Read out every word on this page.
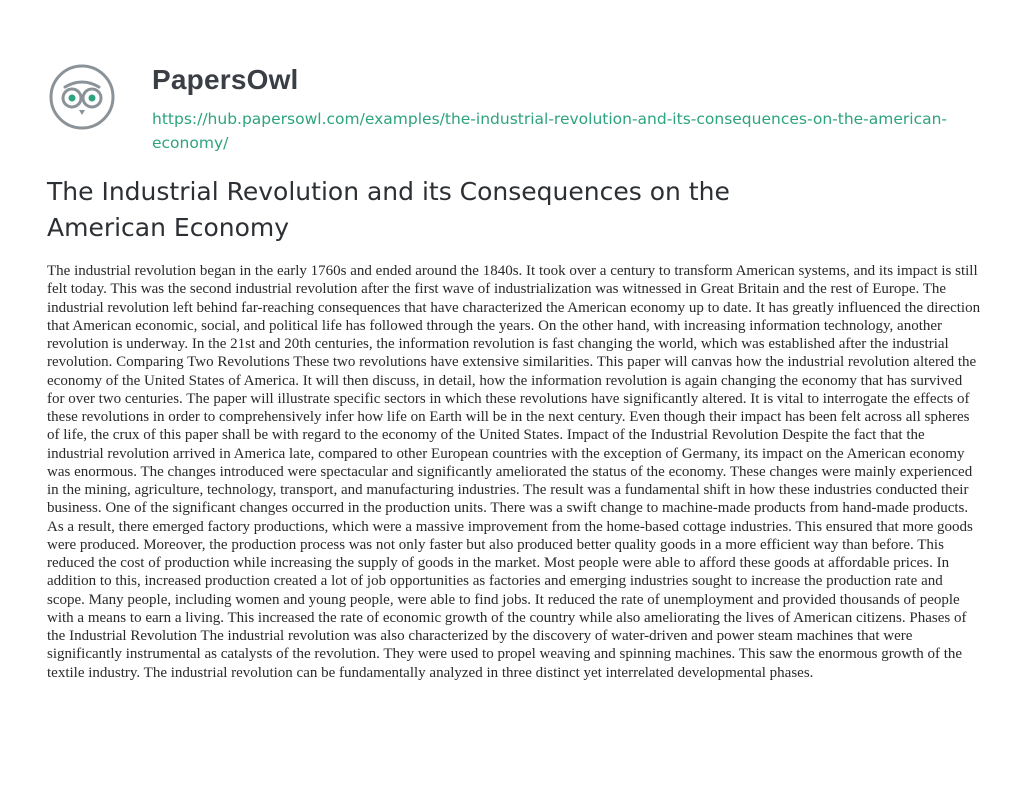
PapersOwl
https://hub.papersowl.com/examples/the-industrial-revolution-and-its-consequences-on-the-american-economy/
The Industrial Revolution and its Consequences on the American Economy

The industrial revolution began in the early 1760s and ended around the 1840s. It took over a century to transform American systems, and its impact is still felt today. This was the second industrial revolution after the first wave of industrialization was witnessed in Great Britain and the rest of Europe. The industrial revolution left behind far-reaching consequences that have characterized the American economy up to date. It has greatly influenced the direction that American economic, social, and political life has followed through the years. On the other hand, with increasing information technology, another revolution is underway. In the 21st and 20th centuries, the information revolution is fast changing the world, which was established after the industrial revolution. Comparing Two Revolutions These two revolutions have extensive similarities. This paper will canvas how the industrial revolution altered the economy of the United States of America. It will then discuss, in detail, how the information revolution is again changing the economy that has survived for over two centuries. The paper will illustrate specific sectors in which these revolutions have significantly altered. It is vital to interrogate the effects of these revolutions in order to comprehensively infer how life on Earth will be in the next century. Even though their impact has been felt across all spheres of life, the crux of this paper shall be with regard to the economy of the United States. Impact of the Industrial Revolution Despite the fact that the industrial revolution arrived in America late, compared to other European countries with the exception of Germany, its impact on the American economy was enormous. The changes introduced were spectacular and significantly ameliorated the status of the economy. These changes were mainly experienced in the mining, agriculture, technology, transport, and manufacturing industries. The result was a fundamental shift in how these industries conducted their business. One of the significant changes occurred in the production units. There was a swift change to machine-made products from hand-made products. As a result, there emerged factory productions, which were a massive improvement from the home-based cottage industries. This ensured that more goods were produced. Moreover, the production process was not only faster but also produced better quality goods in a more efficient way than before. This reduced the cost of production while increasing the supply of goods in the market. Most people were able to afford these goods at affordable prices. In addition to this, increased production created a lot of job opportunities as factories and emerging industries sought to increase the production rate and scope. Many people, including women and young people, were able to find jobs. It reduced the rate of unemployment and provided thousands of people with a means to earn a living. This increased the rate of economic growth of the country while also ameliorating the lives of American citizens. Phases of the Industrial Revolution The industrial revolution was also characterized by the discovery of water-driven and power steam machines that were significantly instrumental as catalysts of the revolution. They were used to propel weaving and spinning machines. This saw the enormous growth of the textile industry. The industrial revolution can be fundamentally analyzed in three distinct yet interrelated developmental phases.
